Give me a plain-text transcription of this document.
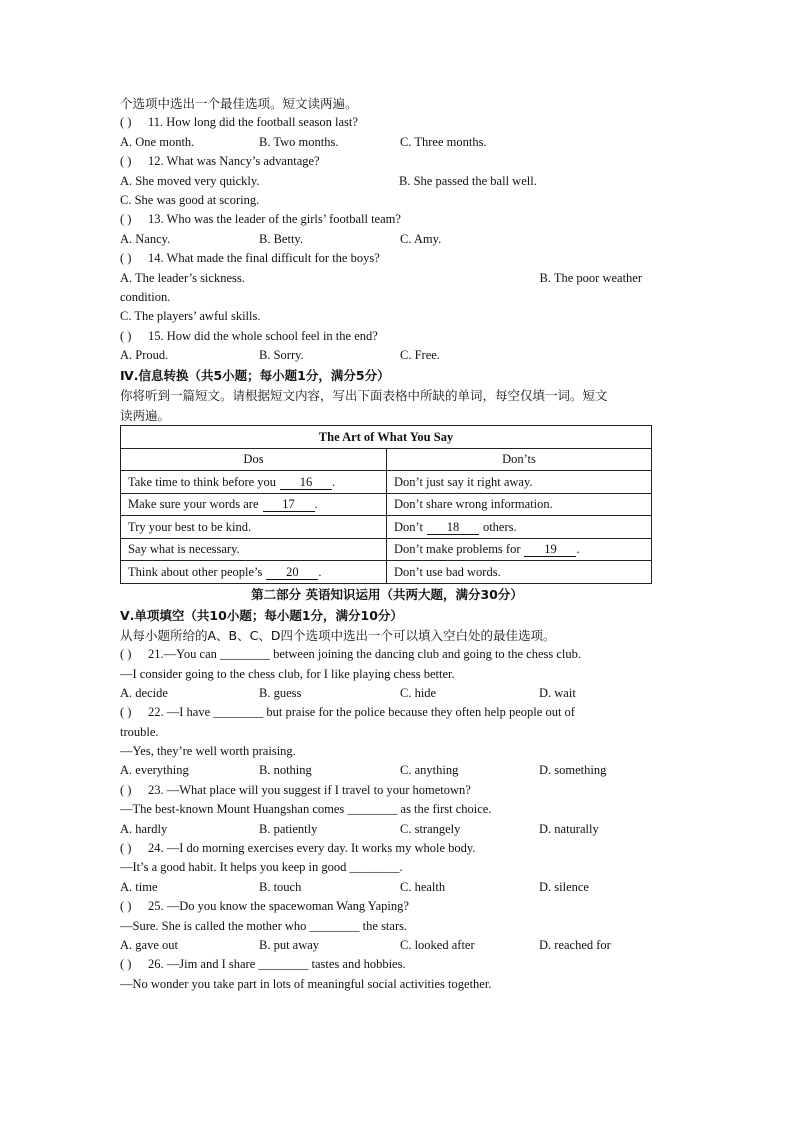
个选项中选出一个最佳选项。短文读两遍。
( ) 11. How long did the football season last?
A. One month.	B. Two months.	C. Three months.
( ) 12. What was Nancy’s advantage?
A. She moved very quickly.	B. She passed the ball well.
C. She was good at scoring.
( ) 13. Who was the leader of the girls’ football team?
A. Nancy.	B. Betty.	C. Amy.
( ) 14. What made the final difficult for the boys?
A. The leader’s sickness.	B. The poor weather
condition.
C. The players’ awful skills.
( ) 15. How did the whole school feel in the end?
A. Proud.	B. Sorry.	C. Free.
Ⅳ.信息转换（共5小题；每小题1分，满分5分）
你将听到一篇短文。请根据短文内容，写出下面表格中所缺的单词，每空仅填一词。短文
读两遍。
The Art of What You Say	
Dos	Don’ts
Take time to think before you 16 .	Don’t just say it right away.
Make sure your words are 17 .	Don’t share wrong information.
Try your best to be kind.	Don’t 18 others.
Say what is necessary.	Don’t make problems for 19 .
Think about other people’s 20 .	Don’t use bad words.
第二部分 英语知识运用（共两大题，满分30分）
Ⅴ.单项填空（共10小题；每小题1分，满分10分）
从每小题所给的A、B、C、D四个选项中选出一个可以填入空白处的最佳选项。
( ) 21.—You can ________ between joining the dancing club and going to the chess club.
—I consider going to the chess club, for I like playing chess better.
A. decide	B. guess	C. hide	D. wait
( ) 22. —I have ________ but praise for the police because they often help people out of
trouble.
—Yes, they’re well worth praising.
A. everything	B. nothing	C. anything	D. something
( ) 23. —What place will you suggest if I travel to your hometown?
—The best-known Mount Huangshan comes ________ as the first choice.
A. hardly	B. patiently	C. strangely	D. naturally
( ) 24. —I do morning exercises every day. It works my whole body.
—It’s a good habit. It helps you keep in good ________.
A. time	B. touch	C. health	D. silence
( ) 25. —Do you know the spacewoman Wang Yaping?
—Sure. She is called the mother who ________ the stars.
A. gave out	B. put away	C. looked after	D. reached for
( ) 26. —Jim and I share ________ tastes and hobbies.
—No wonder you take part in lots of meaningful social activities together.
